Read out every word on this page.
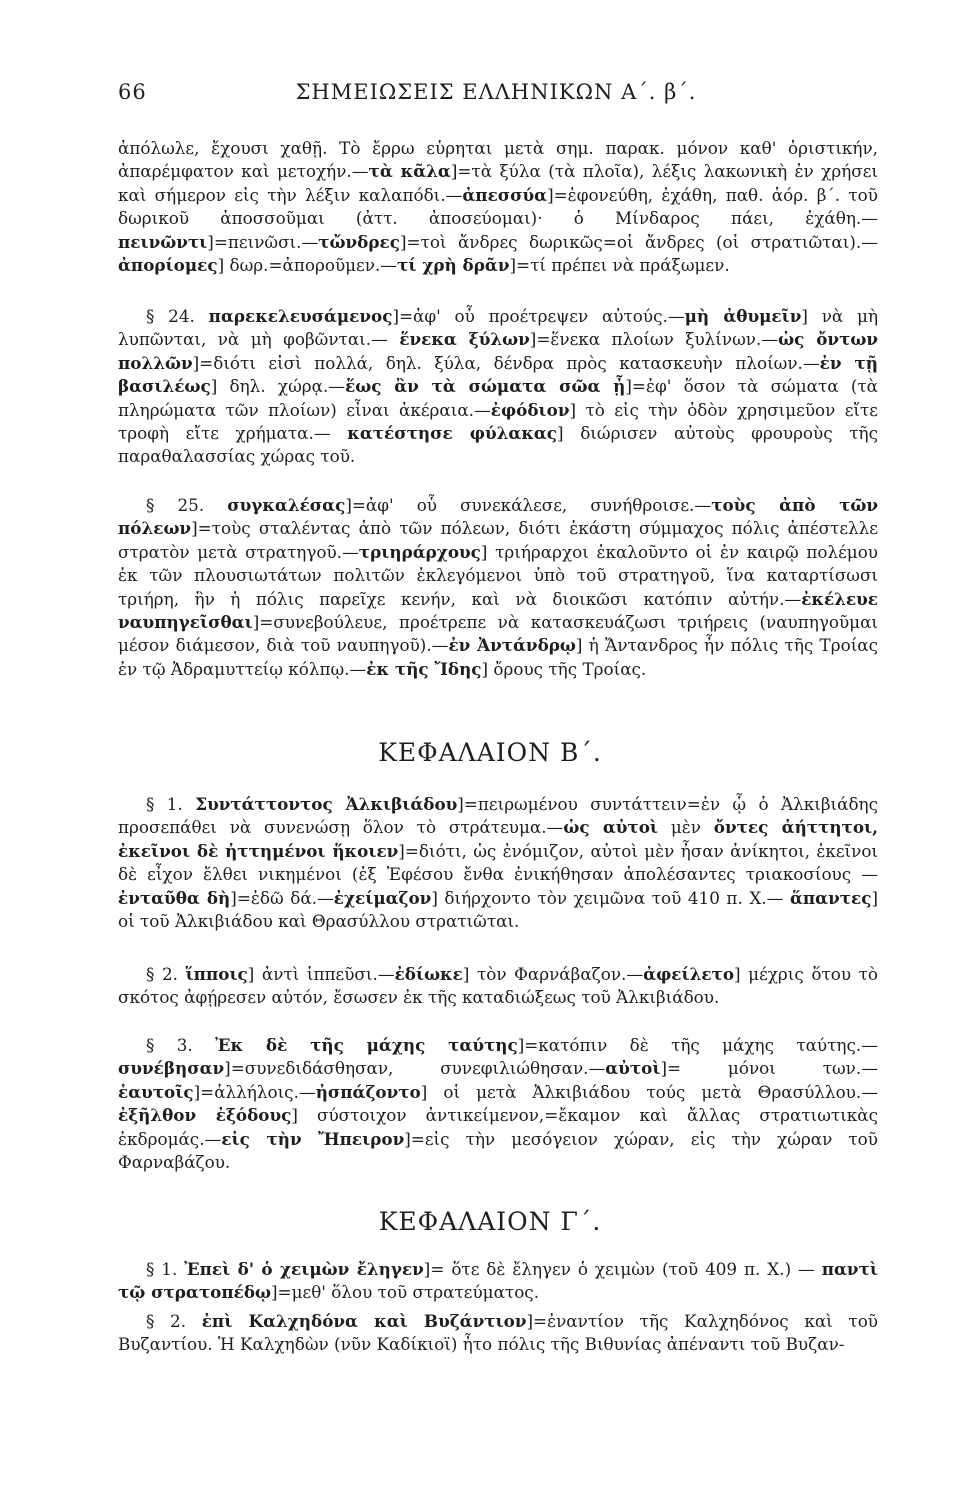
66	ΣΗΜΕΙΩΣΕΙΣ ΕΛΛΗΝΙΚΩΝ Α΄. β΄.

ἀπόλωλε, ἔχουσι χαθῇ. Τὸ ἔρρω εὑρηται μετὰ σημ. παρακ. μόνον καθ' ὁριστικήν, ἀπαρέμφατον καὶ μετοχήν.—τὰ κᾶλα]=τὰ ξύλα (τὰ πλοῖα), λέξις λακωνικὴ ἐν χρήσει καὶ σήμερον εἰς τὴν λέξιν καλαπόδι.—ἀπεσσύα]=ἐφονεύθη, ἐχάθη, παθ. ἀόρ. β΄. τοῦ δωρικοῦ ἀποσσοῦμαι (ἀττ. ἀποσεύομαι)· ὁ Μίνδαρος πάει, ἐχάθη.—πεινῶντι]=πεινῶσι.—τὤνδρες]=τοὶ ἄνδρες δωρικῶς=οἱ ἄνδρες (οἱ στρατιῶται).—ἀπορίομες] δωρ.=ἀποροῦμεν.—τί χρὴ δρᾶν]=τί πρέπει νὰ πράξωμεν.

§ 24. παρεκελευσάμενος]=ἀφ' οὗ προέτρεψεν αὐτούς.—μὴ ἀθυμεῖν] νὰ μὴ λυπῶνται, νὰ μὴ φοβῶνται.— ἕνεκα ξύλων]=ἕνεκα πλοίων ξυλίνων.—ὡς ὄντων πολλῶν]=διότι εἰσὶ πολλά, δηλ. ξύλα, δένδρα πρὸς κατασκευὴν πλοίων.—ἐν τῇ βασιλέως] δηλ. χώρᾳ.—ἕως ἂν τὰ σώματα σῶα ᾖ]=ἐφ' ὅσον τὰ σώματα (τὰ πληρώματα τῶν πλοίων) εἶναι ἀκέραια.—ἐφόδιον] τὸ εἰς τὴν ὁδὸν χρησιμεῦον εἴτε τροφὴ εἴτε χρήματα.— κατέστησε φύλακας] διώρισεν αὐτοὺς φρουροὺς τῆς παραθαλασσίας χώρας τοῦ.

§ 25. συγκαλέσας]=ἀφ' οὗ συνεκάλεσε, συνήθροισε.—τοὺς ἀπὸ τῶν πόλεων]=τοὺς σταλέντας ἀπὸ τῶν πόλεων, διότι ἑκάστη σύμμαχος πόλις ἀπέστελλε στρατὸν μετὰ στρατηγοῦ.—τριηράρχους] τριήραρχοι ἐκαλοῦντο οἱ ἐν καιρῷ πολέμου ἐκ τῶν πλουσιωτάτων πολιτῶν ἐκλεγόμενοι ὑπὸ τοῦ στρατηγοῦ, ἵνα καταρτίσωσι τριήρη, ἣν ἡ πόλις παρεῖχε κενήν, καὶ νὰ διοικῶσι κατόπιν αὐτήν.—ἐκέλευε ναυπηγεῖσθαι]=συνεβούλευε, προέτρεπε νὰ κατασκευάζωσι τριήρεις (ναυπηγοῦμαι μέσον διάμεσον, διὰ τοῦ ναυπηγοῦ).—ἐν Ἀντάνδρῳ] ἡ Ἄντανδρος ἦν πόλις τῆς Τροίας ἐν τῷ Ἀδραμυττείῳ κόλπῳ.—ἐκ τῆς Ἴδης] ὄρους τῆς Τροίας.

ΚΕΦΑΛΑΙΟΝ Β΄.

§ 1. Συντάττοντος Ἀλκιβιάδου]=πειρωμένου συντάττειν=ἐν ᾧ ὁ Ἀλκιβιάδης προσεπάθει νὰ συνενώσῃ ὅλον τὸ στράτευμα.—ὡς αὐτοὶ μὲν ὄντες ἀήττητοι, ἐκεῖνοι δὲ ἡττημένοι ἥκοιεν]=διότι, ὡς ἐνόμιζον, αὐτοὶ μὲν ἦσαν ἀνίκητοι, ἐκεῖνοι δὲ εἶχον ἔλθει νικημένοι (ἐξ Ἐφέσου ἔνθα ἐνικήθησαν ἀπολέσαντες τριακοσίους — ἐνταῦθα δὴ]=ἐδῶ δά.—ἐχείμαζον] διήρχοντο τὸν χειμῶνα τοῦ 410 π. Χ.— ἅπαντες] οἱ τοῦ Ἀλκιβιάδου καὶ Θρασύλλου στρατιῶται.

§ 2. ἵπποις] ἀντὶ ἱππεῦσι.—ἐδίωκε] τὸν Φαρνάβαζον.—ἀφείλετο] μέχρις ὅτου τὸ σκότος ἀφῄρεσεν αὐτόν, ἔσωσεν ἐκ τῆς καταδιώξεως τοῦ Ἀλκιβιάδου.

§ 3. Ἐκ δὲ τῆς μάχης ταύτης]=κατόπιν δὲ τῆς μάχης ταύτης.—συνέβησαν]=συνεδιδάσθησαν, συνεφιλιώθησαν.—αὐτοὶ]= μόνοι των.—ἑαυτοῖς]=ἀλλήλοις.—ἠσπάζοντο] οἱ μετὰ Ἀλκιβιάδου τούς μετὰ Θρασύλλου.—ἐξῆλθον ἐξόδους] σύστοιχον ἀντικείμενον,=ἔκαμον καὶ ἄλλας στρατιωτικὰς ἐκδρομάς.—εἰς τὴν Ἤπειρον]=εἰς τὴν μεσόγειον χώραν, εἰς τὴν χώραν τοῦ Φαρναβάζου.

ΚΕΦΑΛΑΙΟΝ Γ΄.

§ 1. Ἐπεὶ δ' ὁ χειμὼν ἔληγεν]= ὅτε δὲ ἔληγεν ὁ χειμὼν (τοῦ 409 π. Χ.) — παντὶ τῷ στρατοπέδῳ]=μεθ' ὅλου τοῦ στρατεύματος.

§ 2. ἐπὶ Καλχηδόνα καὶ Βυζάντιον]=ἐναντίον τῆς Καλχηδόνος καὶ τοῦ Βυζαντίου. Ἡ Καλχηδὼν (νῦν Καδίκιοϊ) ἦτο πόλις τῆς Βιθυνίας ἀπέναντι τοῦ Βυζαν-
